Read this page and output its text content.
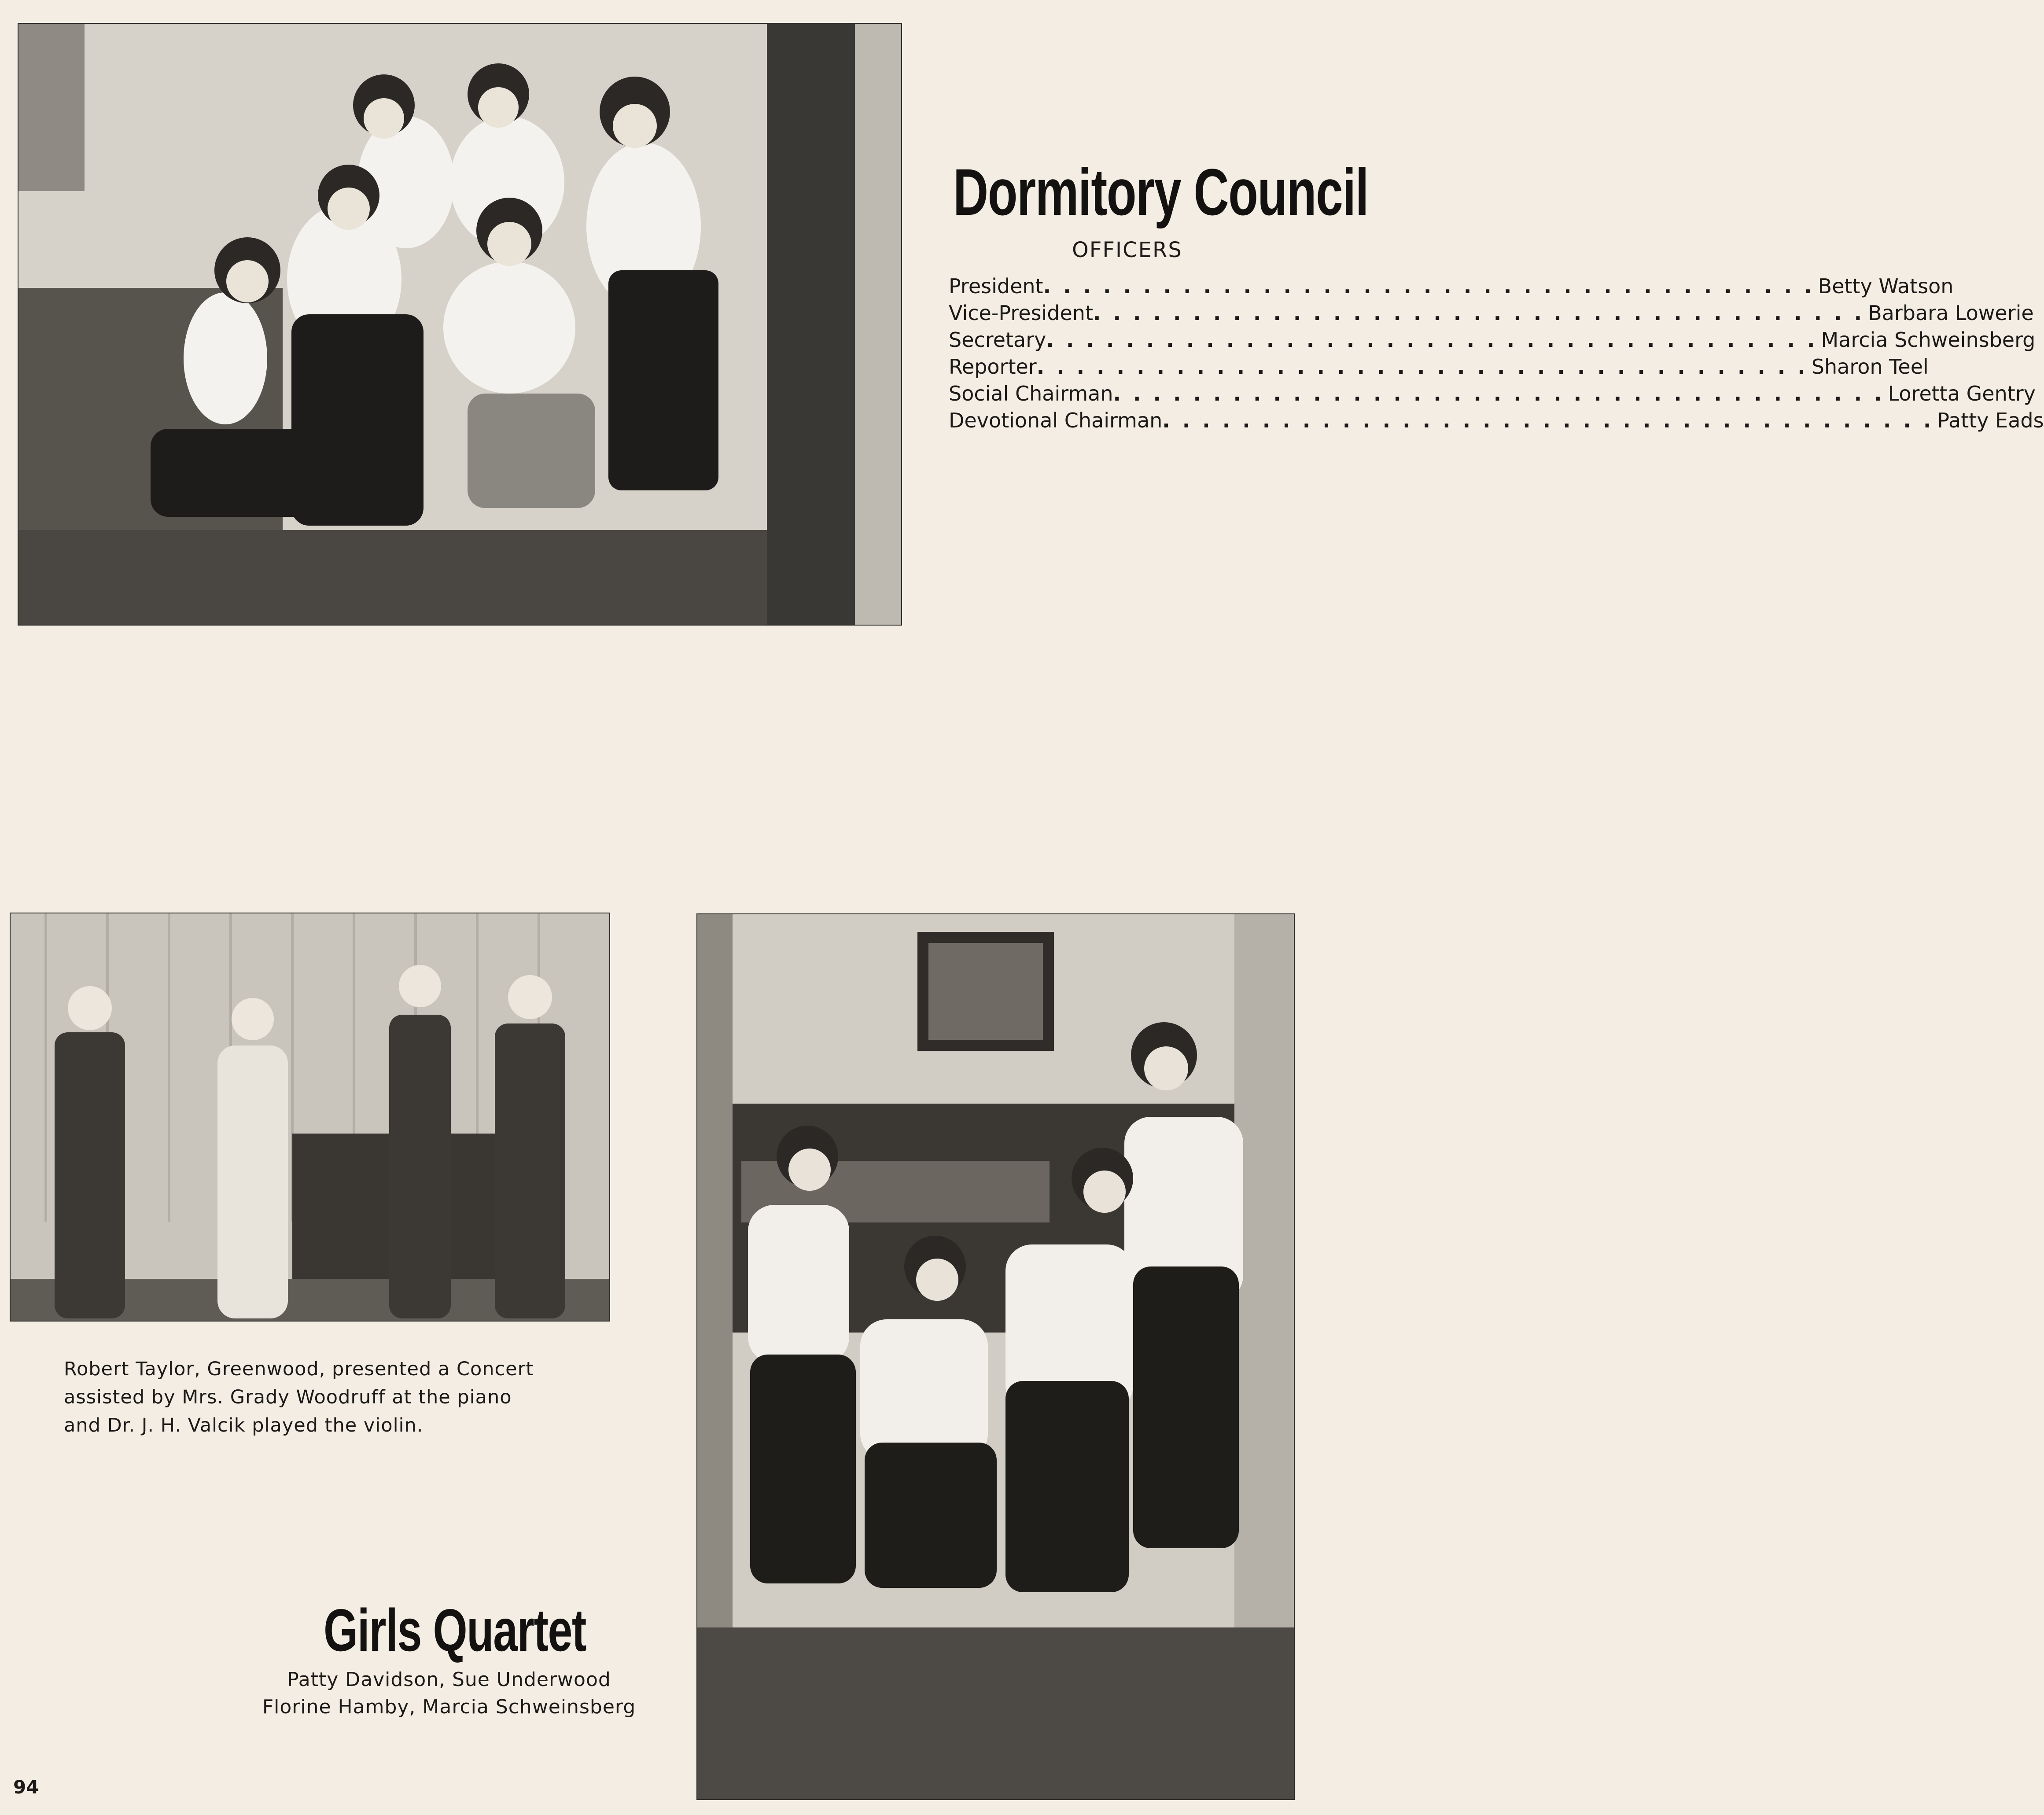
Dormitory Council
OFFICERS
President . . .	Betty Watson
Vice-President . . .	Barbara Lowerie
Secretary . . .	Marcia Schweinsberg
Reporter . . .	Sharon Teel
Social Chairman . . .	Loretta Gentry
Devotional Chairman . . .	Patty Eads
Robert Taylor, Greenwood, presented a Concert
assisted by Mrs. Grady Woodruff at the piano
and Dr. J. H. Valcik played the violin.
Girls Quartet
Patty Davidson, Sue Underwood
Florine Hamby, Marcia Schweinsberg
94
